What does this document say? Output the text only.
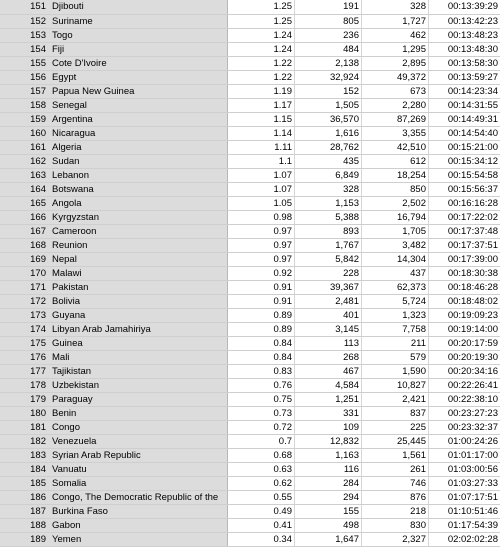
151 Djibouti	1.25	191	328	00:13:39:29
152 Suriname	1.25	805	1,727	00:13:42:23
153 Togo	1.24	236	462	00:13:48:23
154 Fiji	1.24	484	1,295	00:13:48:30
155 Cote D'Ivoire	1.22	2,138	2,895	00:13:58:30
156 Egypt	1.22	32,924	49,372	00:13:59:27
157 Papua New Guinea	1.19	152	673	00:14:23:34
158 Senegal	1.17	1,505	2,280	00:14:31:55
159 Argentina	1.15	36,570	87,269	00:14:49:31
160 Nicaragua	1.14	1,616	3,355	00:14:54:40
161 Algeria	1.11	28,762	42,510	00:15:21:00
162 Sudan	1.1	435	612	00:15:34:12
163 Lebanon	1.07	6,849	18,254	00:15:54:58
164 Botswana	1.07	328	850	00:15:56:37
165 Angola	1.05	1,153	2,502	00:16:16:28
166 Kyrgyzstan	0.98	5,388	16,794	00:17:22:02
167 Cameroon	0.97	893	1,705	00:17:37:48
168 Reunion	0.97	1,767	3,482	00:17:37:51
169 Nepal	0.97	5,842	14,304	00:17:39:00
170 Malawi	0.92	228	437	00:18:30:38
171 Pakistan	0.91	39,367	62,373	00:18:46:28
172 Bolivia	0.91	2,481	5,724	00:18:48:02
173 Guyana	0.89	401	1,323	00:19:09:23
174 Libyan Arab Jamahiriya	0.89	3,145	7,758	00:19:14:00
175 Guinea	0.84	113	211	00:20:17:59
176 Mali	0.84	268	579	00:20:19:30
177 Tajikistan	0.83	467	1,590	00:20:34:16
178 Uzbekistan	0.76	4,584	10,827	00:22:26:41
179 Paraguay	0.75	1,251	2,421	00:22:38:10
180 Benin	0.73	331	837	00:23:27:23
181 Congo	0.72	109	225	00:23:32:37
182 Venezuela	0.7	12,832	25,445	01:00:24:26
183 Syrian Arab Republic	0.68	1,163	1,561	01:01:17:00
184 Vanuatu	0.63	116	261	01:03:00:56
185 Somalia	0.62	284	746	01:03:27:33
186 Congo, The Democratic Republic of the	0.55	294	876	01:07:17:51
187 Burkina Faso	0.49	155	218	01:10:51:46
188 Gabon	0.41	498	830	01:17:54:39
189 Yemen	0.34	1,647	2,327	02:02:02:28
